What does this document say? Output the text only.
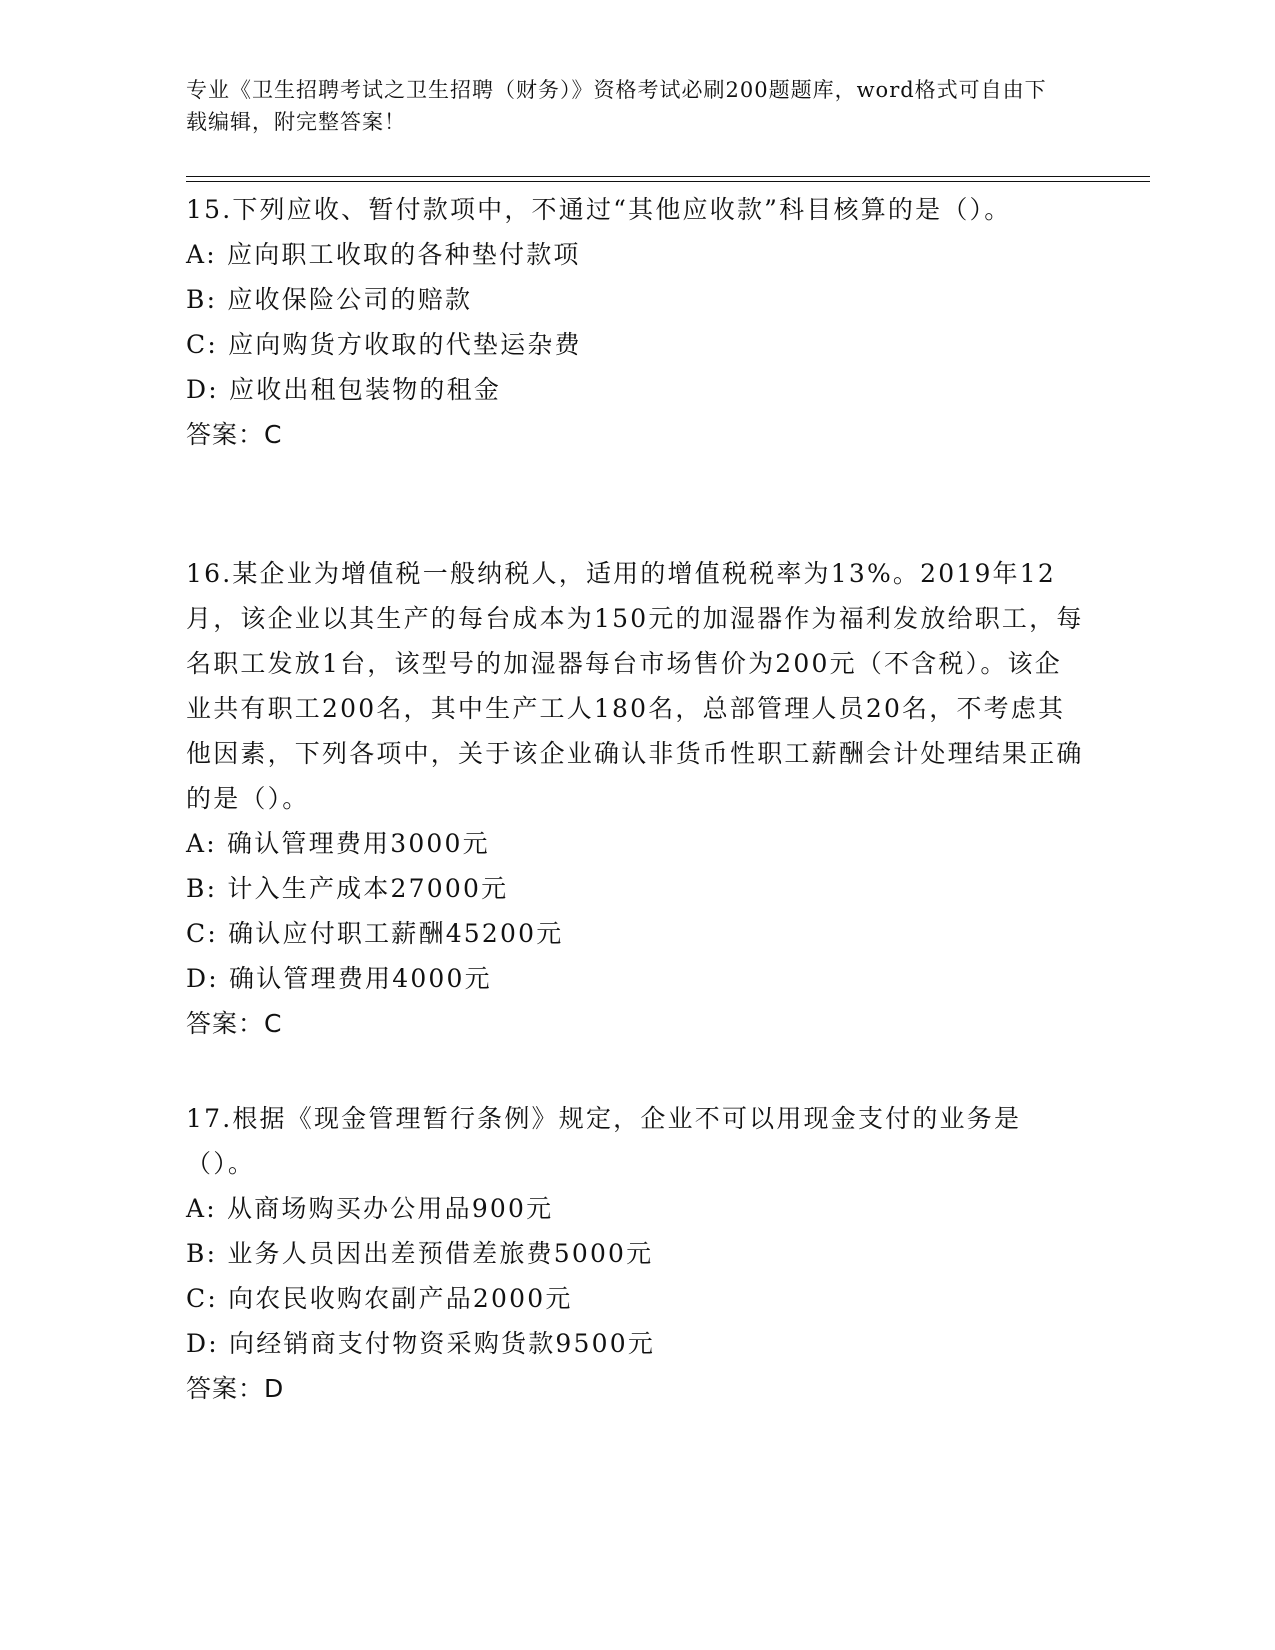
专业《卫生招聘考试之卫生招聘（财务）》资格考试必刷200题题库，word格式可自由下载编辑，附完整答案！

15.下列应收、暂付款项中，不通过“其他应收款”科目核算的是（）。

A: 应向职工收取的各种垫付款项
B: 应收保险公司的赔款
C: 应向购货方收取的代垫运杂费
D: 应收出租包装物的租金
答案：C

16.某企业为增值税一般纳税人，适用的增值税税率为13%。2019年12月，该企业以其生产的每台成本为150元的加湿器作为福利发放给职工，每名职工发放1台，该型号的加湿器每台市场售价为200元（不含税）。该企业共有职工200名，其中生产工人180名，总部管理人员20名，不考虑其他因素，下列各项中，关于该企业确认非货币性职工薪酬会计处理结果正确的是（）。

A: 确认管理费用3000元
B: 计入生产成本27000元
C: 确认应付职工薪酬45200元
D: 确认管理费用4000元
答案：C

17.根据《现金管理暂行条例》规定，企业不可以用现金支付的业务是（）。

A: 从商场购买办公用品900元
B: 业务人员因出差预借差旅费5000元
C: 向农民收购农副产品2000元
D: 向经销商支付物资采购货款9500元
答案：D
